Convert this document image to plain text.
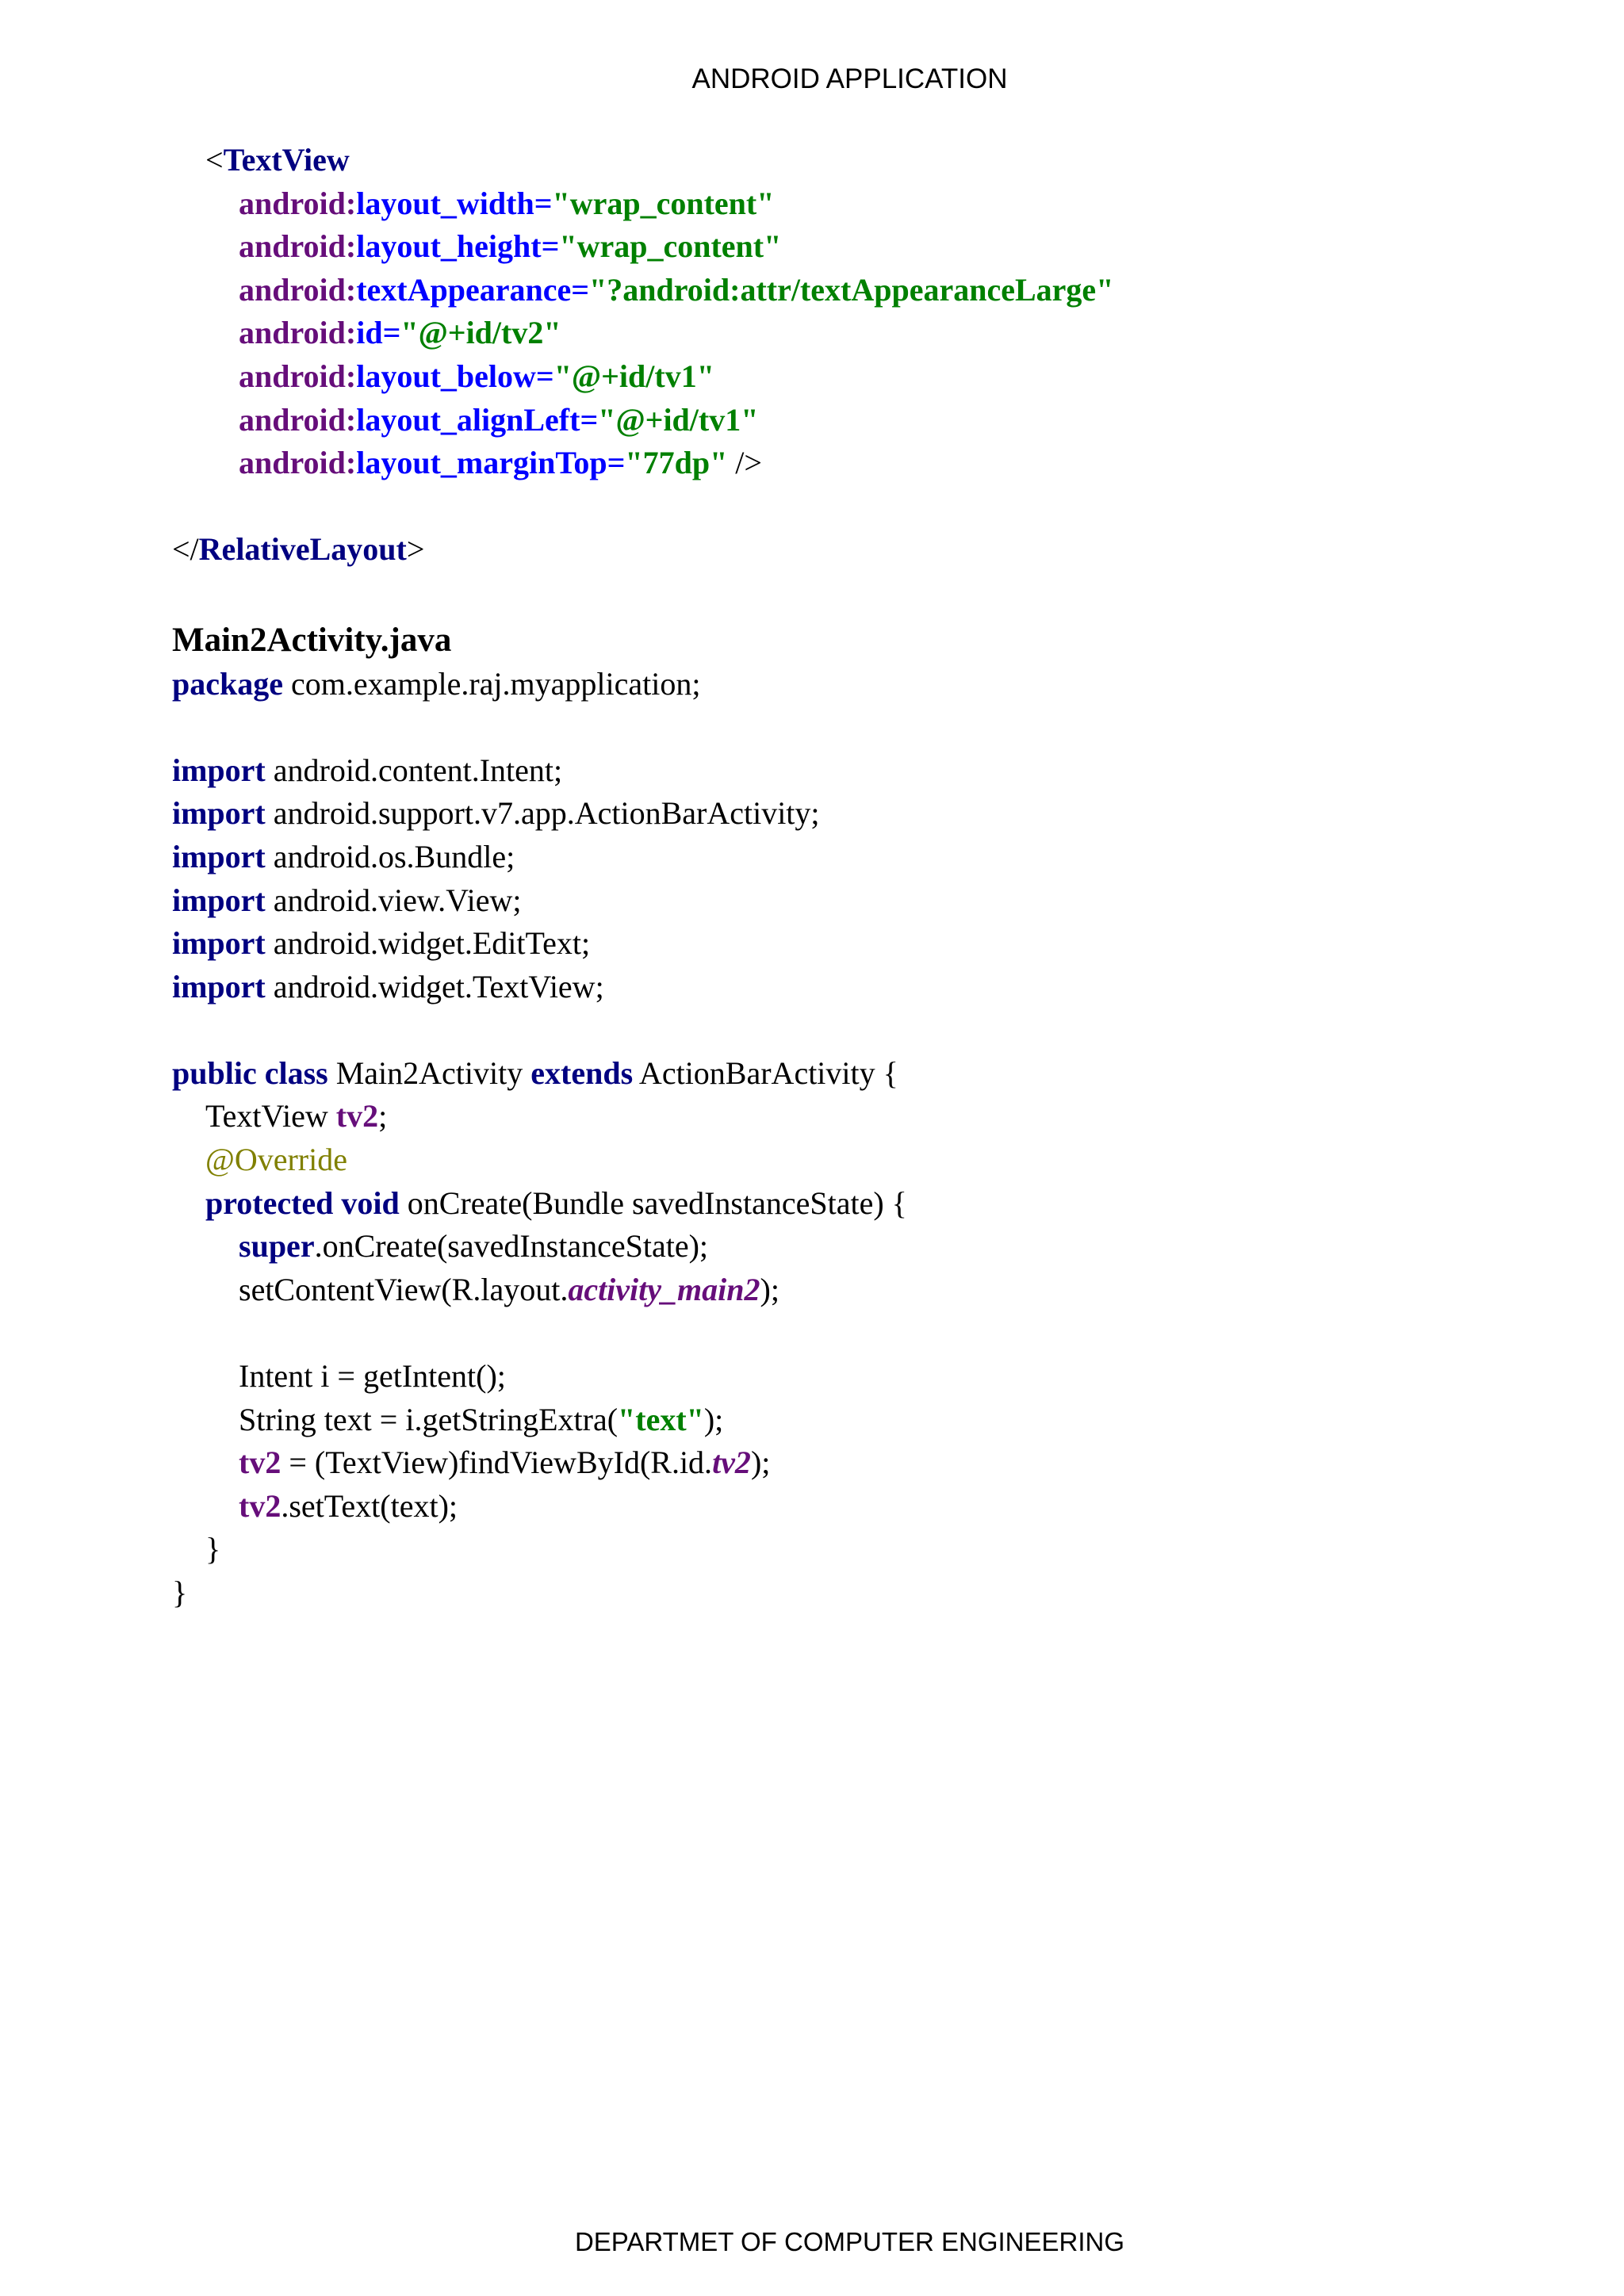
ANDROID APPLICATION
<TextView
android:layout_width="wrap_content"
android:layout_height="wrap_content"
android:textAppearance="?android:attr/textAppearanceLarge"
android:id="@+id/tv2"
android:layout_below="@+id/tv1"
android:layout_alignLeft="@+id/tv1"
android:layout_marginTop="77dp" />
</RelativeLayout>
Main2Activity.java
package com.example.raj.myapplication;
import android.content.Intent;
import android.support.v7.app.ActionBarActivity;
import android.os.Bundle;
import android.view.View;
import android.widget.EditText;
import android.widget.TextView;
public class Main2Activity extends ActionBarActivity {
TextView tv2;
@Override
protected void onCreate(Bundle savedInstanceState) {
super.onCreate(savedInstanceState);
setContentView(R.layout.activity_main2);
Intent i = getIntent();
String text = i.getStringExtra("text");
tv2 = (TextView)findViewById(R.id.tv2);
tv2.setText(text);
}
}
DEPARTMET OF COMPUTER ENGINEERING
